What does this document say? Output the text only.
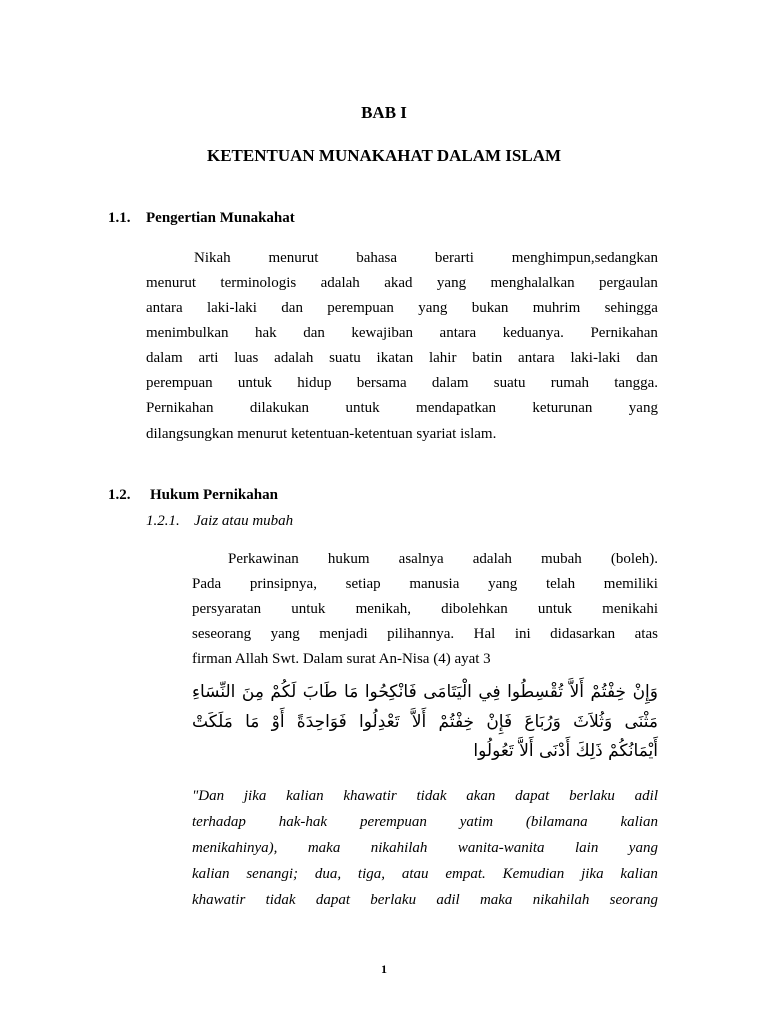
BAB I
KETENTUAN MUNAKAHAT DALAM ISLAM
1.1. Pengertian Munakahat
Nikah	menurut	bahasa	berarti	menghimpun,sedangkan
menurut terminologis adalah akad yang menghalalkan pergaulan
antara laki-laki dan perempuan yang bukan muhrim sehingga
menimbulkan hak dan kewajiban antara keduanya. Pernikahan
dalam arti luas adalah suatu ikatan lahir batin antara laki-laki dan
perempuan untuk hidup bersama dalam suatu rumah tangga.
Pernikahan dilakukan untuk mendapatkan keturunan yang
dilangsungkan menurut ketentuan-ketentuan syariat islam.
1.2. Hukum Pernikahan
1.2.1. Jaiz atau mubah
Perkawinan hukum asalnya adalah mubah (boleh).
Pada prinsipnya, setiap manusia yang telah memiliki
persyaratan untuk menikah, dibolehkan untuk menikahi
seseorang yang menjadi pilihannya. Hal ini didasarkan atas
firman Allah Swt. Dalam surat An-Nisa (4) ayat 3
وَإِنْ خِفْتُمْ أَلاَّ تُقْسِطُوا فِي الْيَتَامَى فَانْكِحُوا مَا طَابَ لَكُمْ مِنَ النِّسَاءِ
مَثْنَى وَثُلاَثَ وَرُبَاعَ فَإِنْ خِفْتُمْ أَلاَّ تَعْدِلُوا فَوَاحِدَةً أَوْ مَا مَلَكَتْ
أَيْمَانُكُمْ ذَلِكَ أَدْنَى أَلاَّ تَعُولُوا
"Dan jika kalian khawatir tidak akan dapat berlaku adil
terhadap hak-hak perempuan yatim (bilamana kalian
menikahinya), maka nikahilah wanita-wanita lain yang
kalian senangi; dua, tiga, atau empat. Kemudian jika kalian
khawatir tidak dapat berlaku adil maka nikahilah seorang
1
